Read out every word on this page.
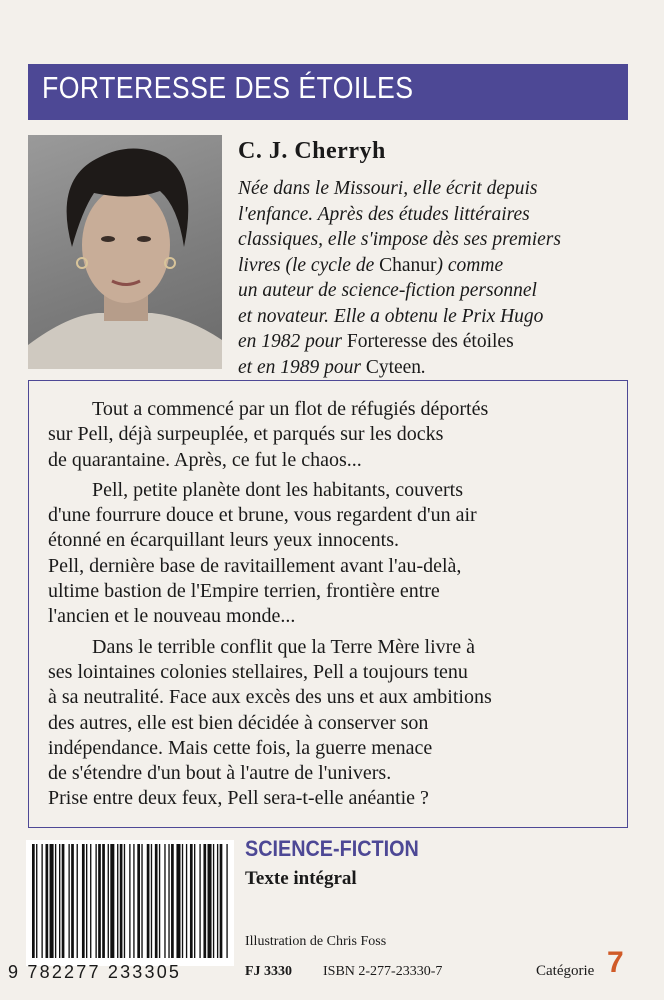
FORTERESSE DES ÉTOILES
C. J. Cherryh
Née dans le Missouri, elle écrit depuis
l'enfance. Après des études littéraires
classiques, elle s'impose dès ses premiers
livres (le cycle de Chanur) comme
un auteur de science-fiction personnel
et novateur. Elle a obtenu le Prix Hugo
en 1982 pour Forteresse des étoiles
et en 1989 pour Cyteen.

Tout a commencé par un flot de réfugiés déportés
sur Pell, déjà surpeuplée, et parqués sur les docks
de quarantaine. Après, ce fut le chaos...

Pell, petite planète dont les habitants, couverts
d'une fourrure douce et brune, vous regardent d'un air
étonné en écarquillant leurs yeux innocents.
Pell, dernière base de ravitaillement avant l'au-delà,
ultime bastion de l'Empire terrien, frontière entre
l'ancien et le nouveau monde...

Dans le terrible conflit que la Terre Mère livre à
ses lointaines colonies stellaires, Pell a toujours tenu
à sa neutralité. Face aux excès des uns et aux ambitions
des autres, elle est bien décidée à conserver son
indépendance. Mais cette fois, la guerre menace
de s'étendre d'un bout à l'autre de l'univers.
Prise entre deux feux, Pell sera-t-elle anéantie ?

9 782277 233305
SCIENCE-FICTION
Texte intégral
Illustration de Chris Foss
FJ 3330 ISBN 2-277-23330-7	Catégorie 7
